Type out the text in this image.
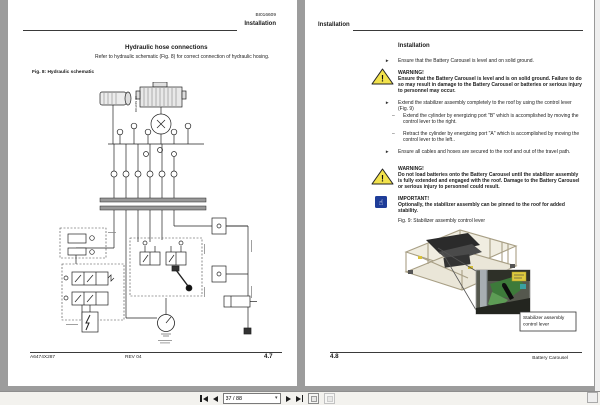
BI016609
Installation
Hydraulic hose connections
Refer to hydraulic schematic (Fig. 8) for correct connection of hydraulic hosing.
Fig. 8: Hydraulic schematic
AC MOTOR
A6474X287	REV 04	4.7
Installation
Installation
►	Ensure that the Battery Carousel is level and on solid ground.
!
WARNING!
Ensure that the Battery Carousel is level and is on solid ground. Failure to do so may result in damage to the Battery Carousel or batteries or serious injury to personnel may occur.
►	Extend the stabilizer assembly completely to the roof by using the control lever (Fig. 9)
–	Extend the cylinder by energizing port "B" which is accomplished by moving the control lever to the right.
–	Retract the cylinder by energizing port "A" which is accomplished by moving the control lever to the left..
►	Ensure all cables and hoses are secured to the roof and out of the travel path.
!
WARNING!
Do not load batteries onto the Battery Carousel until the stabilizer assembly is fully extended and engaged with the roof. Damage to the Battery Carousel or serious injury to personnel could result.
☝	IMPORTANT!
Optionally, the stabilizer assembly can be pinned to the roof for added stability.
Fig. 9: Stabilizer assembly control lever
Stabilizer assembly
control lever
4.8	Battery Carousel
37 / 88
▾
